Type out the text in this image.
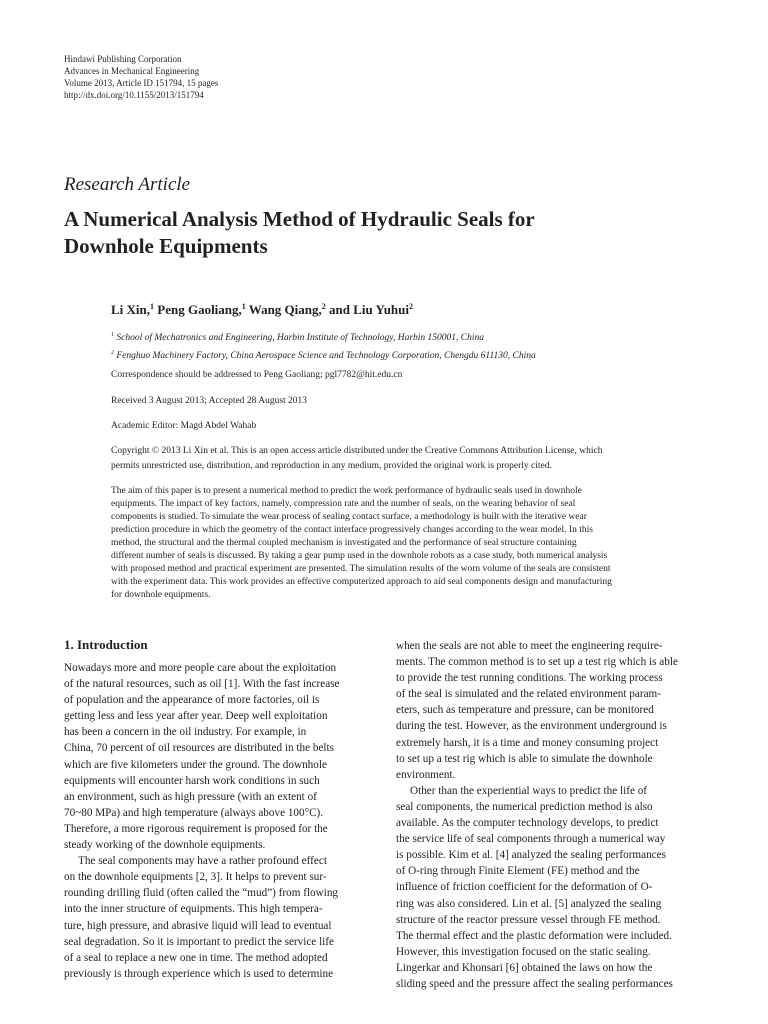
Hindawi Publishing Corporation
Advances in Mechanical Engineering
Volume 2013, Article ID 151794, 15 pages
http://dx.doi.org/10.1155/2013/151794
Research Article
A Numerical Analysis Method of Hydraulic Seals for
Downhole Equipments
Li Xin,$^1$ Peng Gaoliang,$^1$ Wang Qiang,$^2$ and Liu Yuhui$^2$
$^1$ School of Mechatronics and Engineering, Harbin Institute of Technology, Harbin 150001, China
$^2$ Fenghuo Machinery Factory, China Aerospace Science and Technology Corporation, Chengdu 611130, China
Correspondence should be addressed to Peng Gaoliang; pgl7782@hit.edu.cn
Received 3 August 2013; Accepted 28 August 2013
Academic Editor: Magd Abdel Wahab
Copyright © 2013 Li Xin et al. This is an open access article distributed under the Creative Commons Attribution License, which
permits unrestricted use, distribution, and reproduction in any medium, provided the original work is properly cited.
The aim of this paper is to present a numerical method to predict the work performance of hydraulic seals used in downhole
equipments. The impact of key factors, namely, compression rate and the number of seals, on the wearing behavior of seal
components is studied. To simulate the wear process of sealing contact surface, a methodology is built with the iterative wear
prediction procedure in which the geometry of the contact interface progressively changes according to the wear model. In this
method, the structural and the thermal coupled mechanism is investigated and the performance of seal structure containing
different number of seals is discussed. By taking a gear pump used in the downhole robots as a case study, both numerical analysis
with proposed method and practical experiment are presented. The simulation results of the worn volume of the seals are consistent
with the experiment data. This work provides an effective computerized approach to aid seal components design and manufacturing
for downhole equipments.
1. Introduction
Nowadays more and more people care about the exploitation
of the natural resources, such as oil [1]. With the fast increase
of population and the appearance of more factories, oil is
getting less and less year after year. Deep well exploitation
has been a concern in the oil industry. For example, in
China, 70 percent of oil resources are distributed in the belts
which are five kilometers under the ground. The downhole
equipments will encounter harsh work conditions in such
an environment, such as high pressure (with an extent of
70~80 MPa) and high temperature (always above 100°C).
Therefore, a more rigorous requirement is proposed for the
steady working of the downhole equipments.
The seal components may have a rather profound effect
on the downhole equipments [2, 3]. It helps to prevent sur-
rounding drilling fluid (often called the “mud”) from flowing
into the inner structure of equipments. This high tempera-
ture, high pressure, and abrasive liquid will lead to eventual
seal degradation. So it is important to predict the service life
of a seal to replace a new one in time. The method adopted
previously is through experience which is used to determine
when the seals are not able to meet the engineering require-
ments. The common method is to set up a test rig which is able
to provide the test running conditions. The working process
of the seal is simulated and the related environment param-
eters, such as temperature and pressure, can be monitored
during the test. However, as the environment underground is
extremely harsh, it is a time and money consuming project
to set up a test rig which is able to simulate the downhole
environment.
Other than the experiential ways to predict the life of
seal components, the numerical prediction method is also
available. As the computer technology develops, to predict
the service life of seal components through a numerical way
is possible. Kim et al. [4] analyzed the sealing performances
of O-ring through Finite Element (FE) method and the
influence of friction coefficient for the deformation of O-
ring was also considered. Lin et al. [5] analyzed the sealing
structure of the reactor pressure vessel through FE method.
The thermal effect and the plastic deformation were included.
However, this investigation focused on the static sealing.
Lingerkar and Khonsari [6] obtained the laws on how the
sliding speed and the pressure affect the sealing performances
